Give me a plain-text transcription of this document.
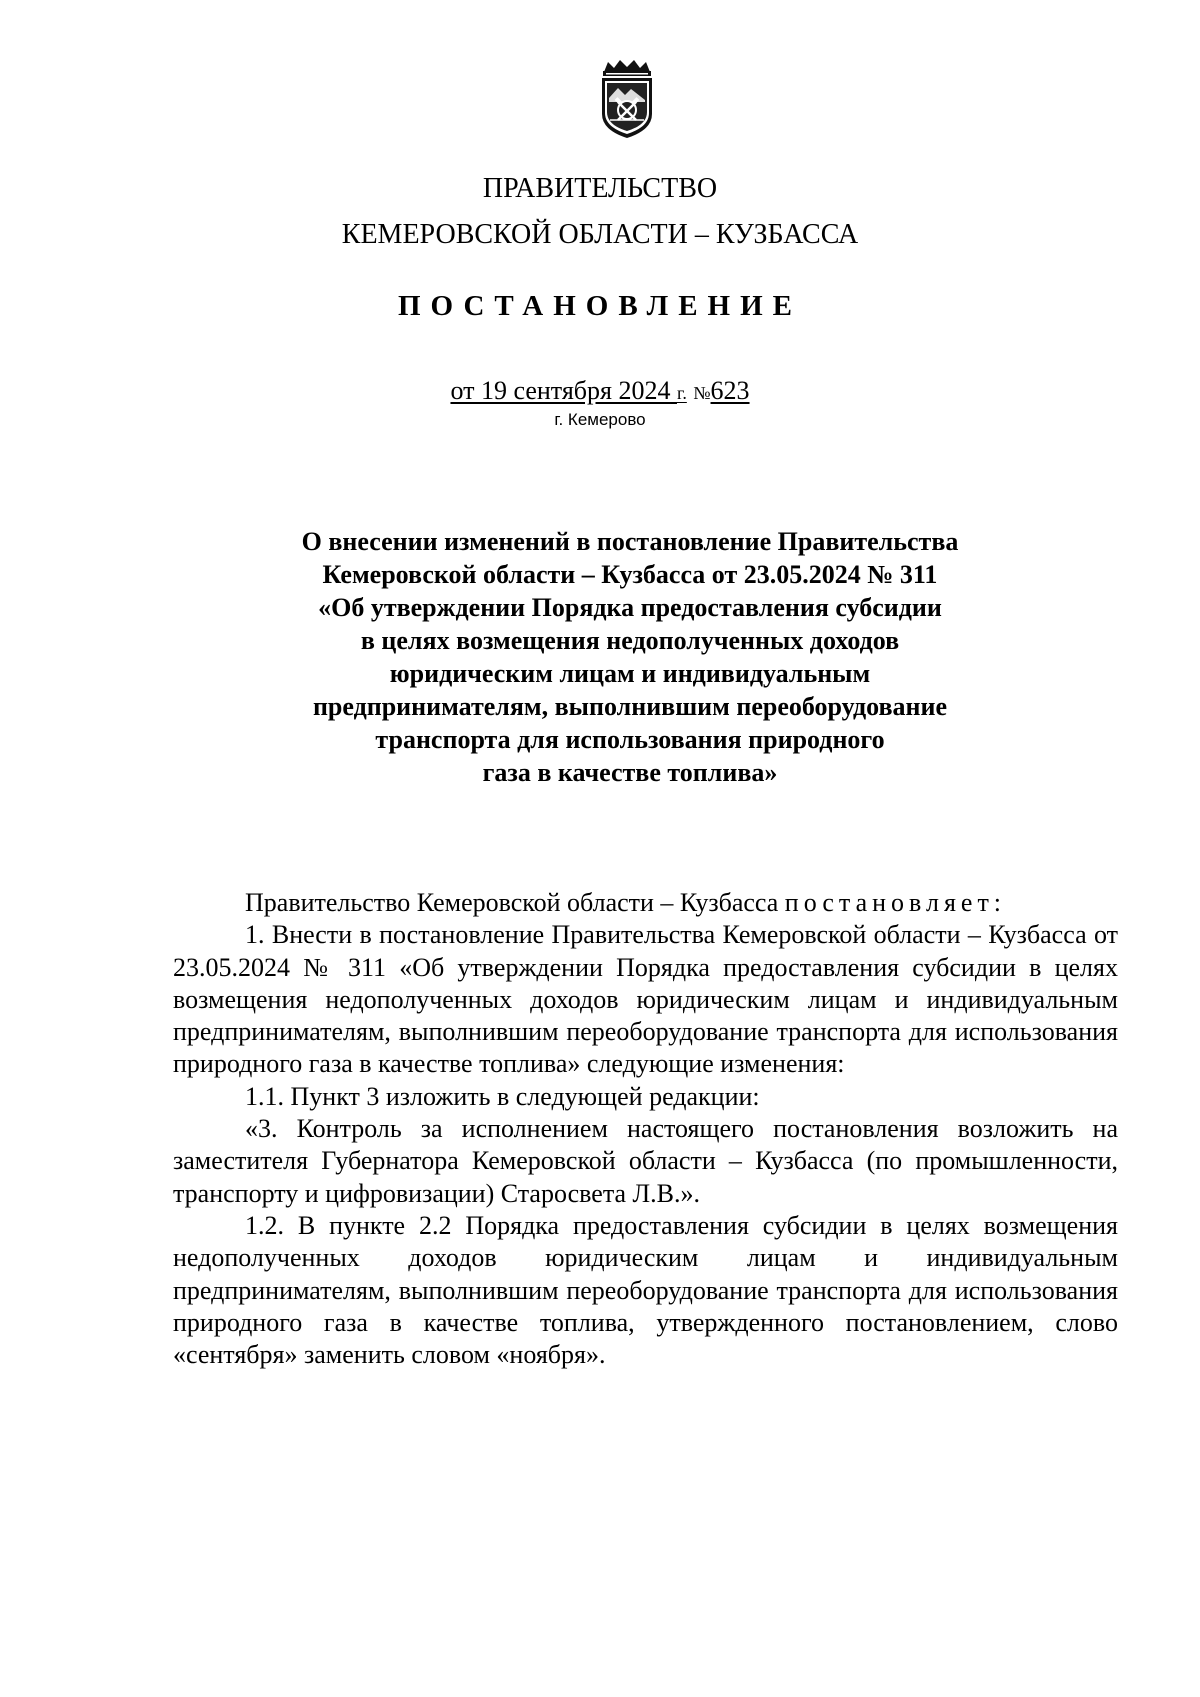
ПРАВИТЕЛЬСТВО
КЕМЕРОВСКОЙ ОБЛАСТИ – КУЗБАССА
ПОСТАНОВЛЕНИЕ
от 19 сентября 2024 г. №623
г. Кемерово
О внесении изменений в постановление Правительства
Кемеровской области – Кузбасса от 23.05.2024 № 311
«Об утверждении Порядка предоставления субсидии
в целях возмещения недополученных доходов
юридическим лицам и индивидуальным
предпринимателям, выполнившим переоборудование
транспорта для использования природного
газа в качестве топлива»

Правительство Кемеровской области – Кузбасса постановляет:

1. Внести в постановление Правительства Кемеровской области – Кузбасса от 23.05.2024 № 311 «Об утверждении Порядка предоставления субсидии в целях возмещения недополученных доходов юридическим лицам и индивидуальным предпринимателям, выполнившим переоборудование транспорта для использования природного газа в качестве топлива» следующие изменения:

1.1. Пункт 3 изложить в следующей редакции:

«3. Контроль за исполнением настоящего постановления возложить на заместителя Губернатора Кемеровской области – Кузбасса (по промышленности, транспорту и цифровизации) Старосвета Л.В.».

1.2. В пункте 2.2 Порядка предоставления субсидии в целях возмещения недополученных доходов юридическим лицам и индивидуальным предпринимателям, выполнившим переоборудование транспорта для использования природного газа в качестве топлива, утвержденного постановлением, слово «сентября» заменить словом «ноября».
